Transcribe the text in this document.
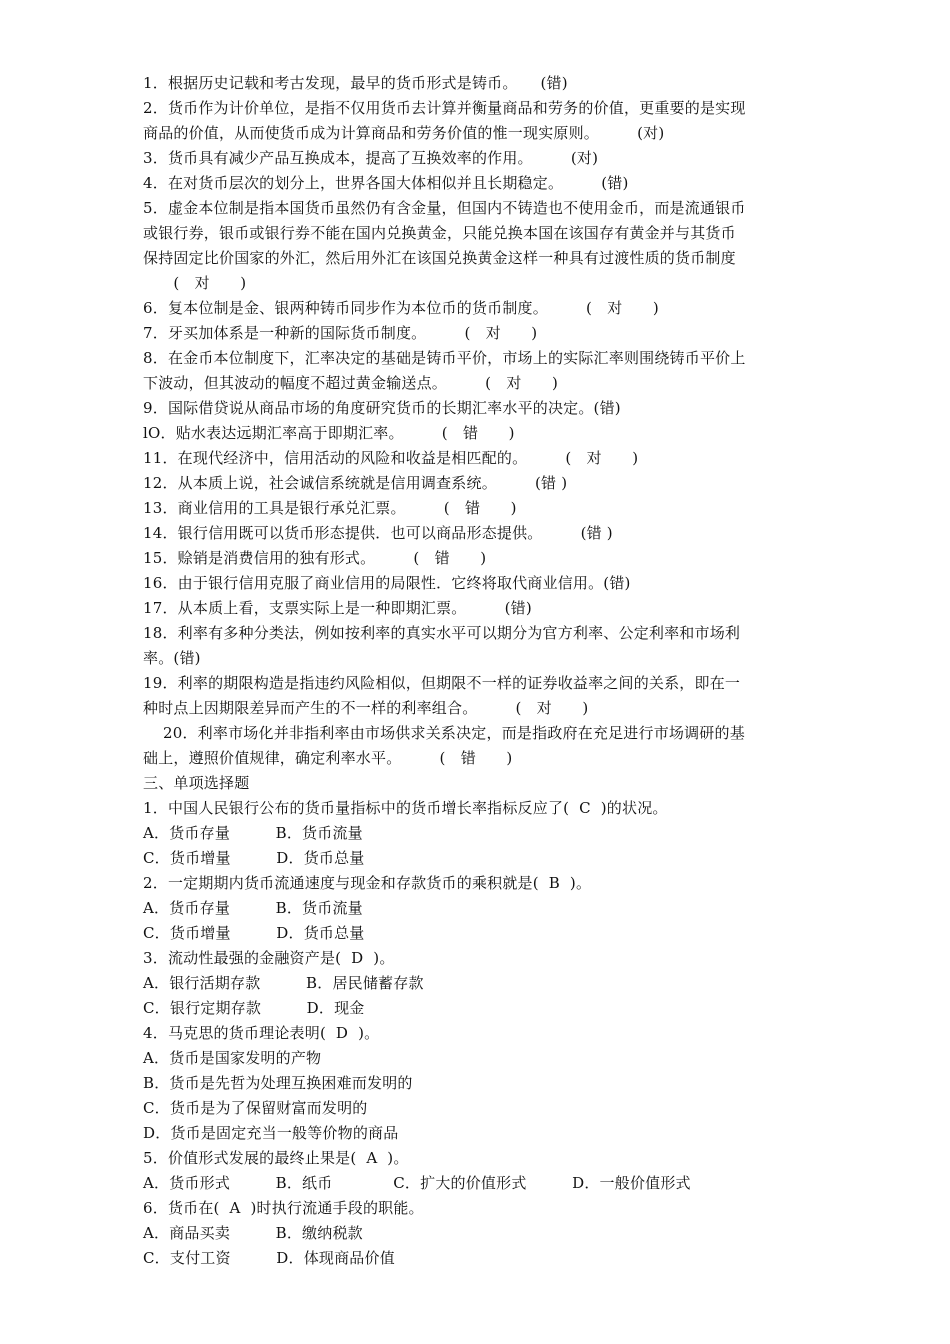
1．根据历史记载和考古发现，最早的货币形式是铸币。　　(错)

2．货币作为计价单位，是指不仅用货币去计算并衡量商品和劳务的价值，更重要的是实现

商品的价值，从而使货币成为计算商品和劳务价值的惟一现实原则。　　　(对)

3．货币具有减少产品互换成本，提高了互换效率的作用。　　　(对)

4．在对货币层次的划分上，世界各国大体相似并且长期稳定。　　　(错)

5．虚金本位制是指本国货币虽然仍有含金量，但国内不铸造也不使用金币，而是流通银币

或银行券，银币或银行券不能在国内兑换黄金，只能兑换本国在该国存有黄金并与其货币

保持固定比价国家的外汇，然后用外汇在该国兑换黄金这样一种具有过渡性质的货币制度

　　(　对　　)

6．复本位制是金、银两种铸币同步作为本位币的货币制度。　　　(　对　　)

7．牙买加体系是一种新的国际货币制度。　　　(　对　　)

8．在金币本位制度下，汇率决定的基础是铸币平价，市场上的实际汇率则围绕铸币平价上

下波动，但其波动的幅度不超过黄金输送点。　　　(　对　　)

9．国际借贷说从商品市场的角度研究货币的长期汇率水平的决定。(错)

lO．贴水表达远期汇率高于即期汇率。　　　(　错　　)

11．在现代经济中，信用活动的风险和收益是相匹配的。　　　(　对　　)

12．从本质上说，社会诚信系统就是信用调查系统。　　　(错 )

13．商业信用的工具是银行承兑汇票。　　　(　错　　)

14．银行信用既可以货币形态提供．也可以商品形态提供。　　　(错 )

15．赊销是消费信用的独有形式。　　　(　错　　)

16．由于银行信用克服了商业信用的局限性．它终将取代商业信用。(错)

17．从本质上看，支票实际上是一种即期汇票。　　　(错)

18．利率有多种分类法，例如按利率的真实水平可以期分为官方利率、公定利率和市场利

率。(错)

19．利率的期限构造是指违约风险相似，但期限不一样的证券收益率之间的关系，即在一

种时点上因期限差异而产生的不一样的利率组合。　　　(　对　　)

20．利率市场化并非指利率由市场供求关系决定，而是指政府在充足进行市场调研的基

础上，遵照价值规律，确定利率水平。　　　(　错　　)

三、单项选择题

1．中国人民银行公布的货币量指标中的货币增长率指标反应了(  C  )的状况。

A．货币存量　　　B．货币流量

C．货币增量　　　D．货币总量

2．一定期期内货币流通速度与现金和存款货币的乘积就是(  B  )。

A．货币存量　　　B．货币流量

C．货币增量　　　D．货币总量

3．流动性最强的金融资产是(  D  )。

A．银行活期存款　　　B．居民储蓄存款

C．银行定期存款　　　D．现金

4．马克思的货币理论表明(  D  )。

A．货币是国家发明的产物

B．货币是先哲为处理互换困难而发明的

C．货币是为了保留财富而发明的

D．货币是固定充当一般等价物的商品

5．价值形式发展的最终止果是(  A  )。

A．货币形式　　　B．纸币　　　　C．扩大的价值形式　　　D．一般价值形式

6．货币在(  A  )时执行流通手段的职能。

A．商品买卖　　　B．缴纳税款

C．支付工资　　　D．体现商品价值
